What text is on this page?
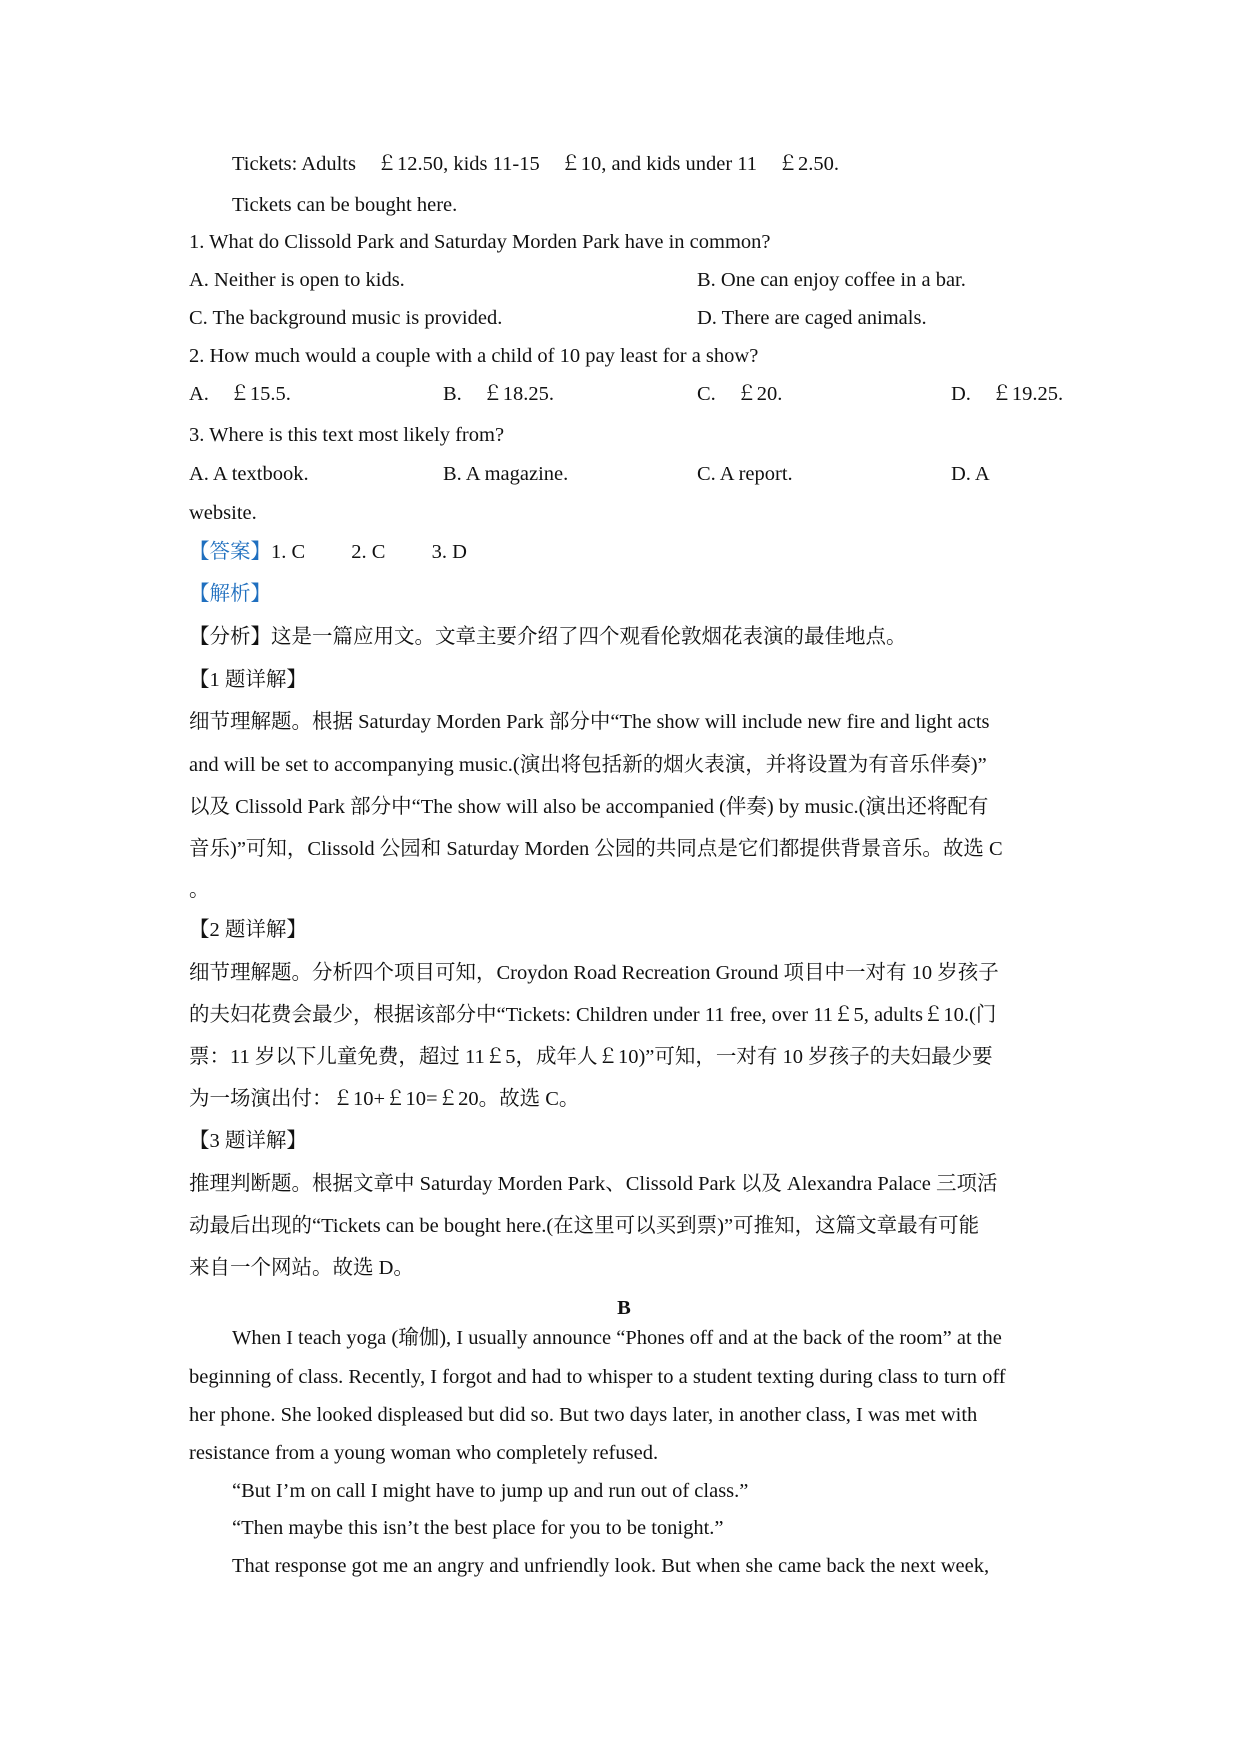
Tickets: Adults　￡12.50, kids 11-15　￡10, and kids under 11　￡2.50.
Tickets can be bought here.
1. What do Clissold Park and Saturday Morden Park have in common?
A. Neither is open to kids.	B. One can enjoy coffee in a bar.
C. The background music is provided.	D. There are caged animals.
2. How much would a couple with a child of 10 pay least for a show?
A.　￡15.5.	B.　￡18.25.	C.　￡20.	D.　￡19.25.
3. Where is this text most likely from?
A. A textbook.	B. A magazine.	C. A report.	D. A
website.
【答案】1. C　　 2. C　　 3. D
【解析】
【分析】这是一篇应用文。文章主要介绍了四个观看伦敦烟花表演的最佳地点。
【1 题详解】
细节理解题。根据 Saturday Morden Park 部分中“The show will include new fire and light acts
and will be set to accompanying music.(演出将包括新的烟火表演，并将设置为有音乐伴奏)”
以及 Clissold Park 部分中“The show will also be accompanied (伴奏) by music.(演出还将配有
音乐)”可知，Clissold 公园和 Saturday Morden 公园的共同点是它们都提供背景音乐。故选 C
。
【2 题详解】
细节理解题。分析四个项目可知，Croydon Road Recreation Ground 项目中一对有 10 岁孩子
的夫妇花费会最少，根据该部分中“Tickets: Children under 11 free, over 11￡5, adults￡10.(门
票：11 岁以下儿童免费，超过 11￡5，成年人￡10)”可知，一对有 10 岁孩子的夫妇最少要
为一场演出付：￡10+￡10=￡20。故选 C。
【3 题详解】
推理判断题。根据文章中 Saturday Morden Park、Clissold Park 以及 Alexandra Palace 三项活
动最后出现的“Tickets can be bought here.(在这里可以买到票)”可推知，这篇文章最有可能
来自一个网站。故选 D。
B
When I teach yoga (瑜伽), I usually announce “Phones off and at the back of the room” at the
beginning of class. Recently, I forgot and had to whisper to a student texting during class to turn off
her phone. She looked displeased but did so. But two days later, in another class, I was met with
resistance from a young woman who completely refused.
“But I’m on call I might have to jump up and run out of class.”
“Then maybe this isn’t the best place for you to be tonight.”
That response got me an angry and unfriendly look. But when she came back the next week,
